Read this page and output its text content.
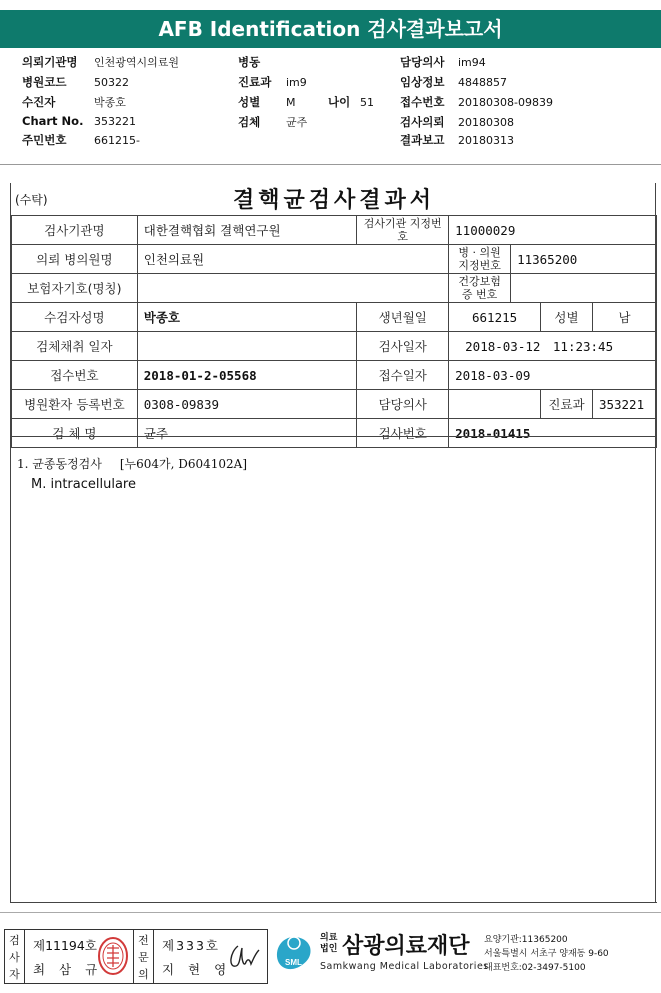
AFB Identification 검사결과보고서
의뢰기관명 인천광역시의료원
병원코드	50322
수진자	박종호
Chart No. 353221
주민번호	661215-
병동
진료과 im9
성별 M	나이 51
검체 균주
담당의사 im94
임상정보 4848857
접수번호 20180308-09839
검사의뢰 20180308
결과보고 20180313
(수탁)	결핵균검사결과서
검사기관명	대한결핵협회 결핵연구원	검사기관 지정번호	11000029			
의뢰 병의원명	인천의료원		병 · 의원 지정번호	11365200		
보험자기호(명칭)			건강보험 증 번호			
수검자성명	박종호	생년월일	661215		성별	남
검체채취 일자		검사일자	2018-03-12　11:23:45			
접수번호	2018-01-2-05568	접수일자	2018-03-09			
병원환자 등록번호	0308-09839	담당의사			진료과	353221
검 체 명	균주	검사번호	2018-01415			
1. 균종동정검사 [누604가, D604102A]
M. intracellulare
검사자
제11194호
최 삼 규
전문의
제333호
지 현 영	SML
의료 법인 삼광의료재단
Samkwang Medical Laboratories
요양기관:11365200
서울특별시 서초구 양재동 9-60
대표번호:02-3497-5100
